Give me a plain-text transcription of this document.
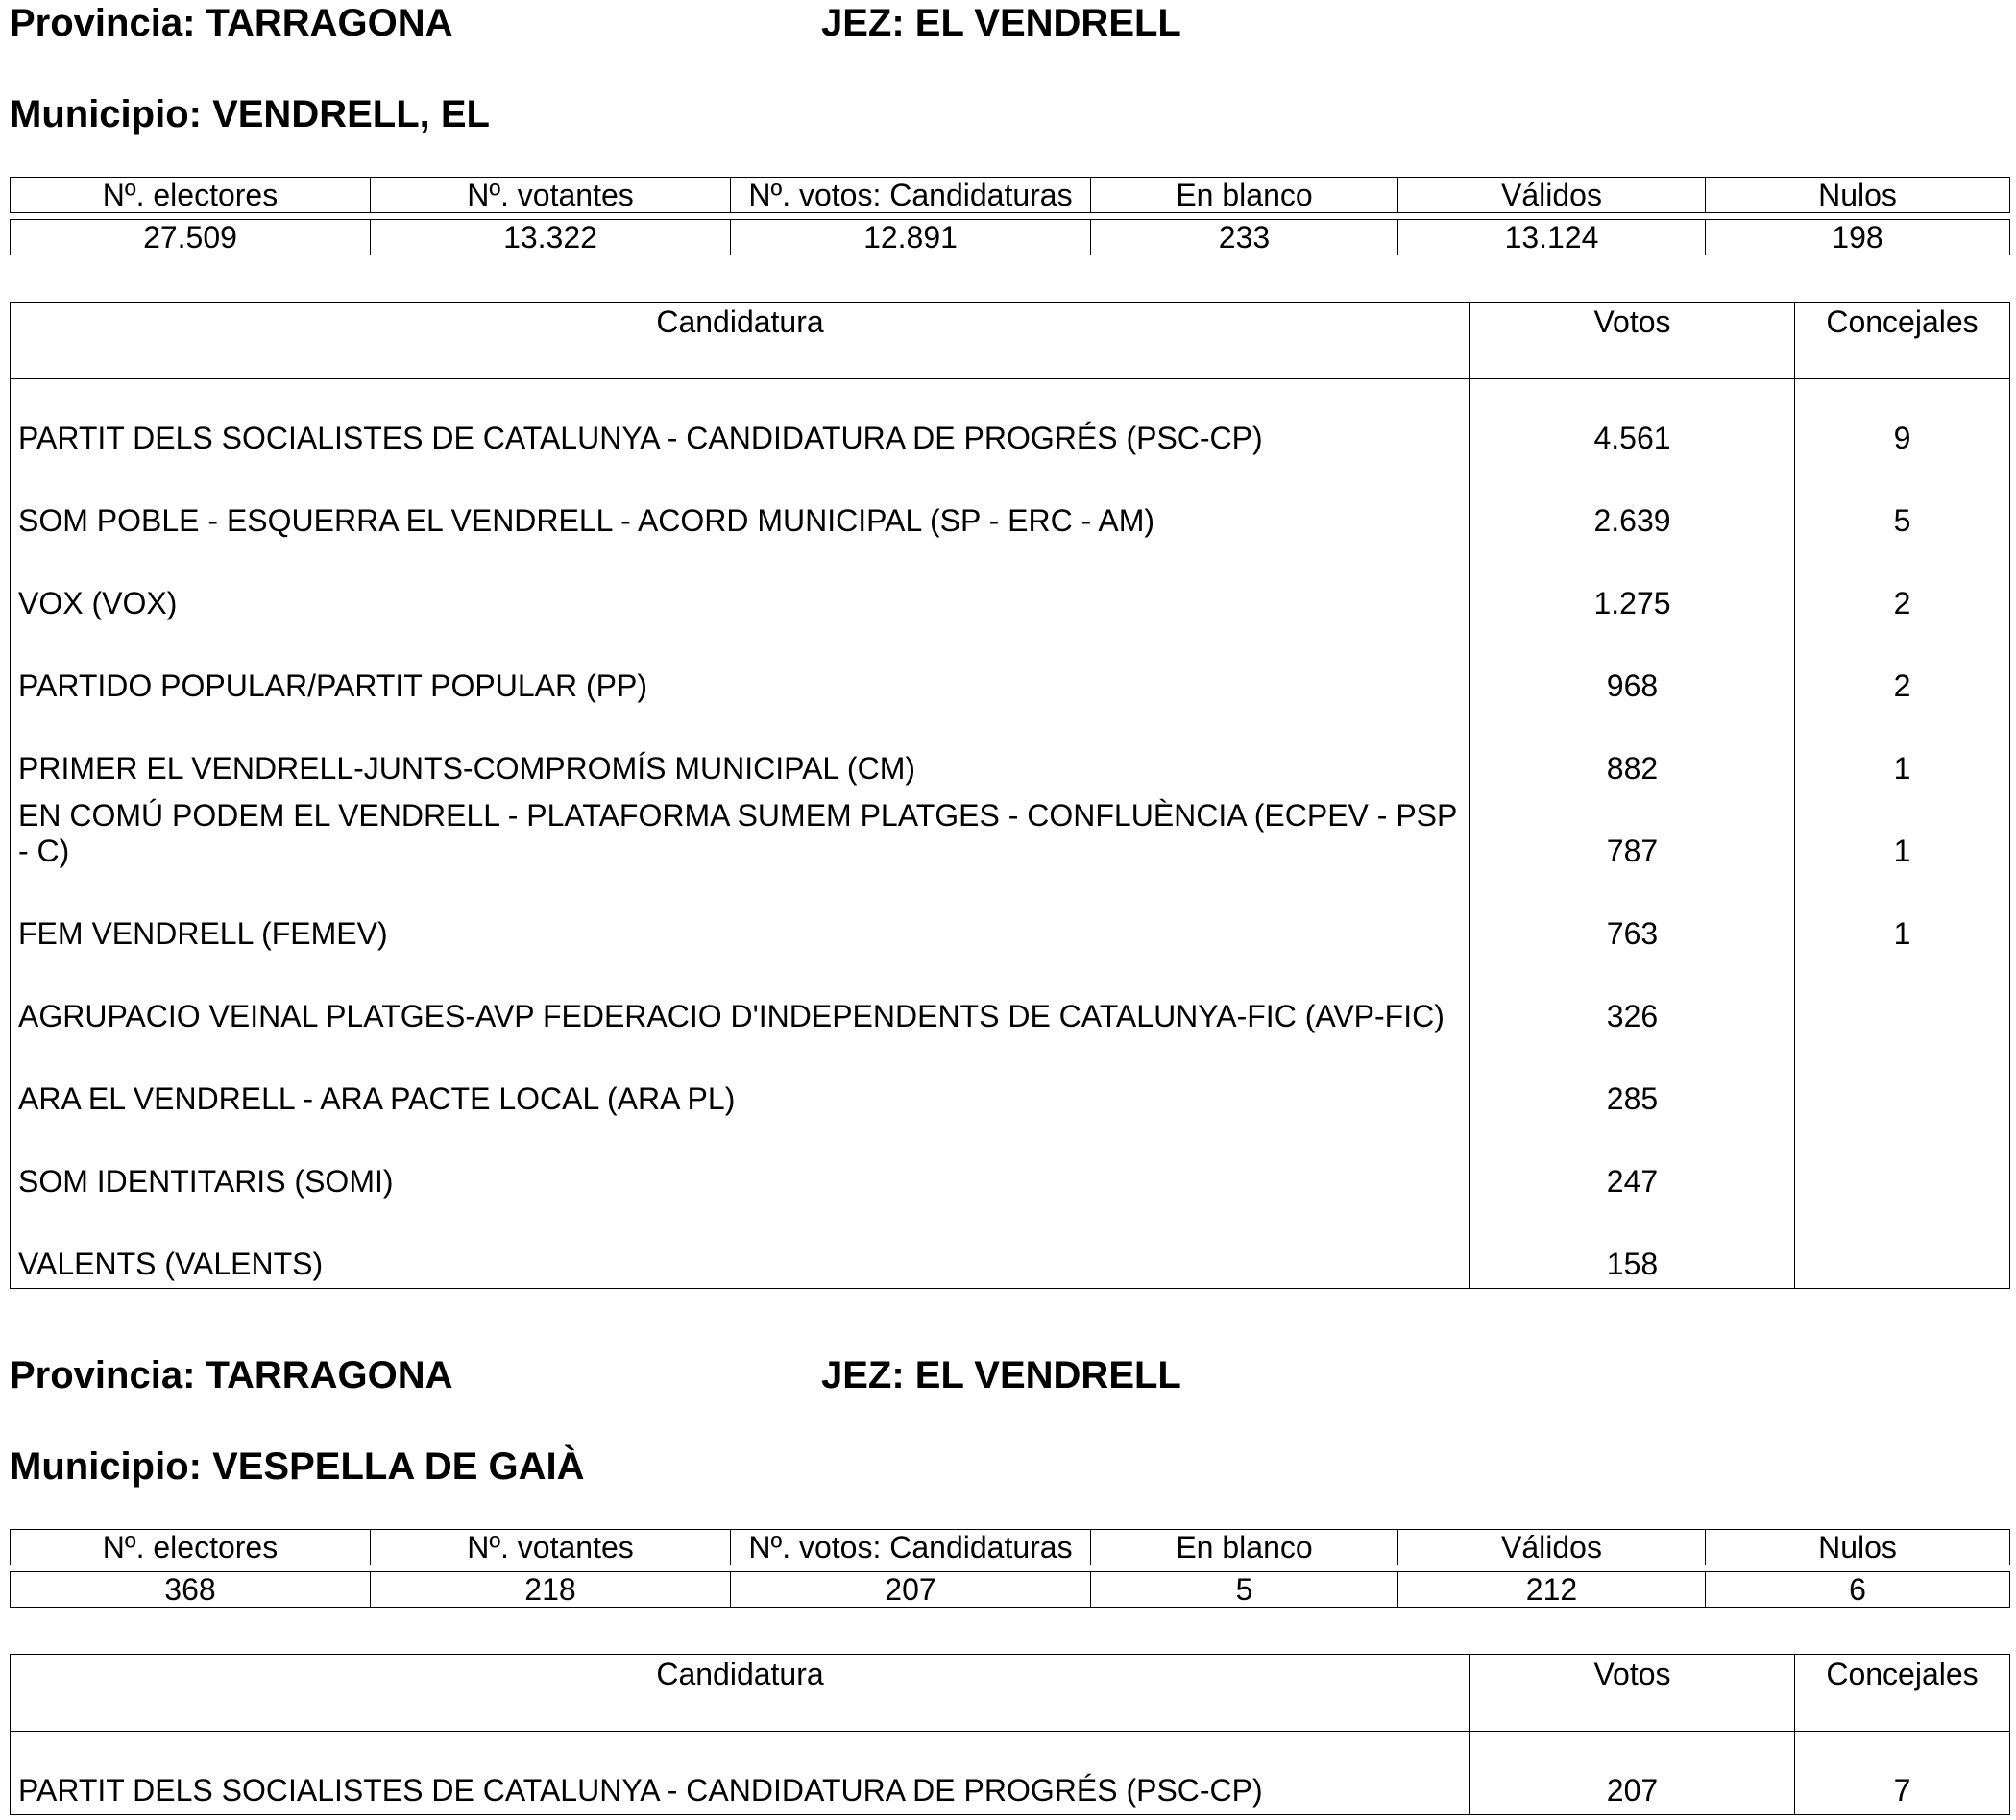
Provincia: TARRAGONA	JEZ: EL VENDRELL
Municipio: VENDRELL, EL
Nº. electores	Nº. votantes	Nº. votos: Candidaturas	En blanco	Válidos	Nulos
27.509	13.322	12.891	233	13.124	198
Candidatura	Votos	Concejales
PARTIT DELS SOCIALISTES DE CATALUNYA - CANDIDATURA DE PROGRÉS (PSC-CP)	4.561	9
SOM POBLE - ESQUERRA EL VENDRELL - ACORD MUNICIPAL (SP - ERC - AM)	2.639	5
VOX (VOX)	1.275	2
PARTIDO POPULAR/PARTIT POPULAR (PP)	968	2
PRIMER EL VENDRELL-JUNTS-COMPROMÍS MUNICIPAL (CM)	882	1
EN COMÚ PODEM EL VENDRELL - PLATAFORMA SUMEM PLATGES - CONFLUÈNCIA (ECPEV - PSP - C)	787	1
FEM VENDRELL (FEMEV)	763	1
AGRUPACIO VEINAL PLATGES-AVP FEDERACIO D'INDEPENDENTS DE CATALUNYA-FIC (AVP-FIC)	326
ARA EL VENDRELL - ARA PACTE LOCAL (ARA PL)	285
SOM IDENTITARIS (SOMI)	247
VALENTS (VALENTS)	158
Provincia: TARRAGONA	JEZ: EL VENDRELL
Municipio: VESPELLA DE GAIÀ
Nº. electores	Nº. votantes	Nº. votos: Candidaturas	En blanco	Válidos	Nulos
368	218	207	5	212	6
Candidatura	Votos	Concejales
PARTIT DELS SOCIALISTES DE CATALUNYA - CANDIDATURA DE PROGRÉS (PSC-CP)	207	7
